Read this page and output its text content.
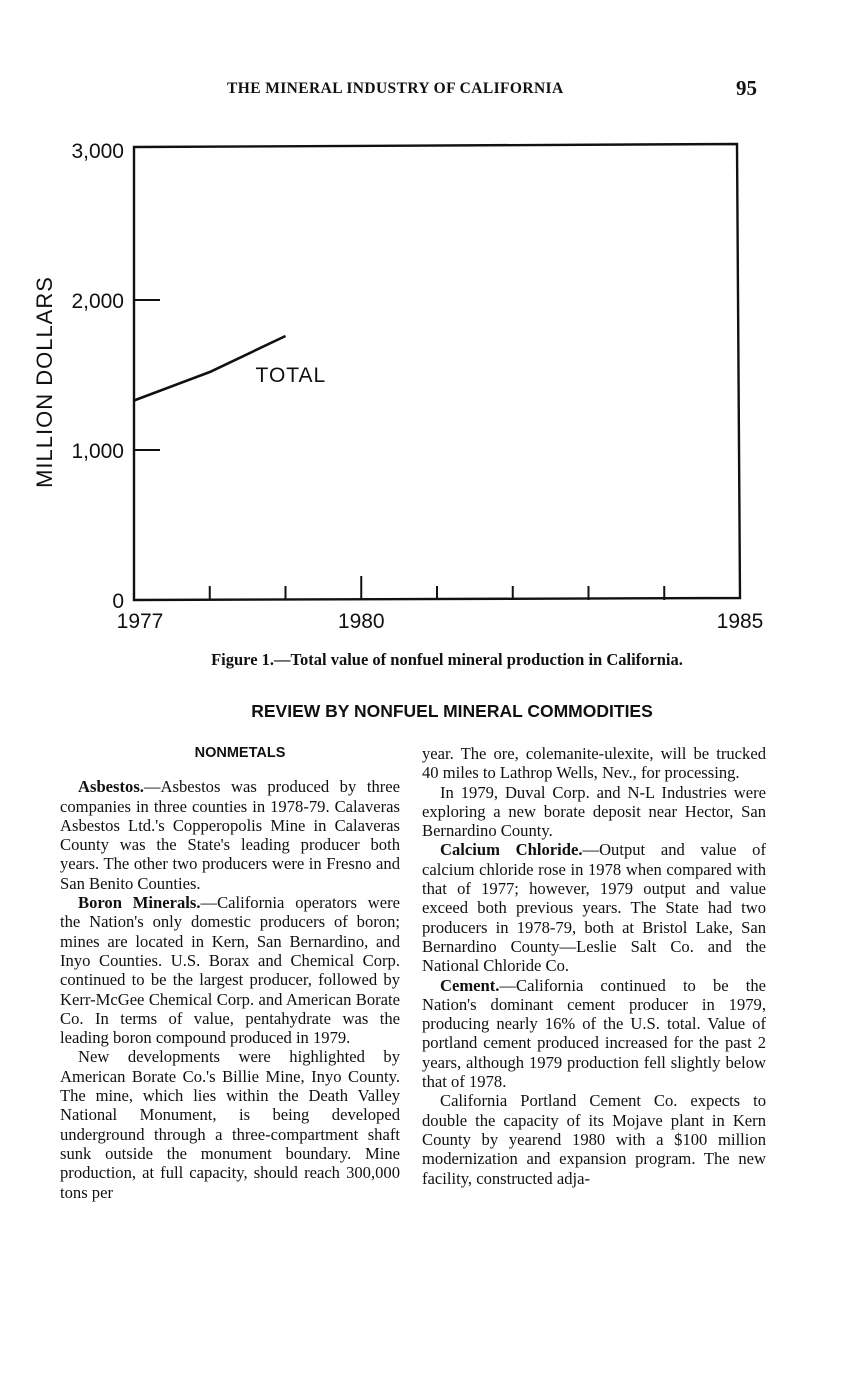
THE MINERAL INDUSTRY OF CALIFORNIA	95
0
1,000
2,000
3,000
1977	1980	1985
MILLION DOLLARS	TOTAL
Figure 1.—Total value of nonfuel mineral production in California.
REVIEW BY NONFUEL MINERAL COMMODITIES
NONMETALS

Asbestos.—Asbestos was produced by three companies in three counties in 1978-79. Calaveras Asbestos Ltd.'s Copperopolis Mine in Calaveras County was the State's leading producer both years. The other two producers were in Fresno and San Benito Counties.

Boron Minerals.—California operators were the Nation's only domestic producers of boron; mines are located in Kern, San Bernardino, and Inyo Counties. U.S. Borax and Chemical Corp. continued to be the largest producer, followed by Kerr-McGee Chemical Corp. and American Borate Co. In terms of value, pentahydrate was the leading boron compound produced in 1979.

New developments were highlighted by American Borate Co.'s Billie Mine, Inyo County. The mine, which lies within the Death Valley National Monument, is being developed underground through a three-compartment shaft sunk outside the monument boundary. Mine production, at full capacity, should reach 300,000 tons per

year. The ore, colemanite-ulexite, will be trucked 40 miles to Lathrop Wells, Nev., for processing.

In 1979, Duval Corp. and N-L Industries were exploring a new borate deposit near Hector, San Bernardino County.

Calcium Chloride.—Output and value of calcium chloride rose in 1978 when compared with that of 1977; however, 1979 output and value exceed both previous years. The State had two producers in 1978-79, both at Bristol Lake, San Bernardino County—Leslie Salt Co. and the National Chloride Co.

Cement.—California continued to be the Nation's dominant cement producer in 1979, producing nearly 16% of the U.S. total. Value of portland cement produced increased for the past 2 years, although 1979 production fell slightly below that of 1978.

California Portland Cement Co. expects to double the capacity of its Mojave plant in Kern County by yearend 1980 with a $100 million modernization and expansion program. The new facility, constructed adja-
